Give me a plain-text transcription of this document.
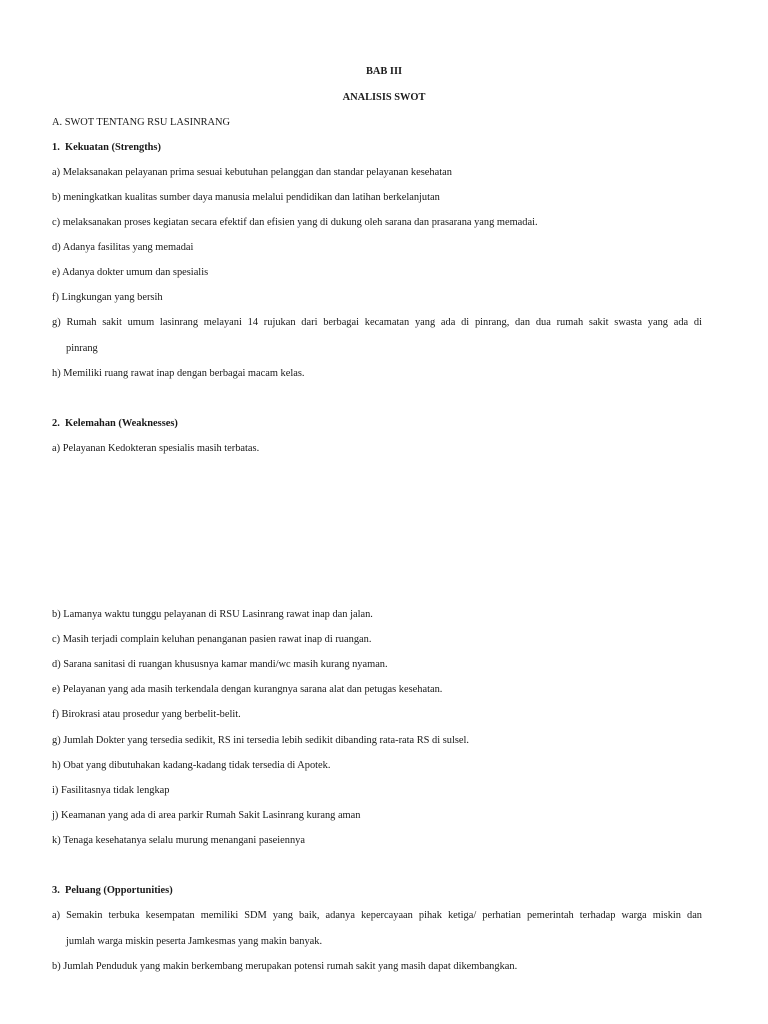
BAB III
ANALISIS SWOT
A. SWOT TENTANG RSU LASINRANG
1. Kekuatan (Strengths)
a) Melaksanakan pelayanan prima sesuai kebutuhan pelanggan dan standar pelayanan kesehatan
b) meningkatkan kualitas sumber daya manusia melalui pendidikan dan latihan berkelanjutan
c) melaksanakan proses kegiatan secara efektif dan efisien yang di dukung oleh sarana dan prasarana yang memadai.
d) Adanya fasilitas yang memadai
e) Adanya dokter umum dan spesialis
f) Lingkungan yang bersih
g) Rumah sakit umum lasinrang melayani 14 rujukan dari berbagai kecamatan yang ada di pinrang, dan dua rumah sakit swasta yang ada di
pinrang
h) Memiliki ruang rawat inap dengan berbagai macam kelas.
2. Kelemahan (Weaknesses)
a) Pelayanan Kedokteran spesialis masih terbatas.
b) Lamanya waktu tunggu pelayanan di RSU Lasinrang rawat inap dan jalan.
c) Masih terjadi complain keluhan penanganan pasien rawat inap di ruangan.
d) Sarana sanitasi di ruangan khususnya kamar mandi/wc masih kurang nyaman.
e) Pelayanan yang ada masih terkendala dengan kurangnya sarana alat dan petugas kesehatan.
f) Birokrasi atau prosedur yang berbelit-belit.
g) Jumlah Dokter yang tersedia sedikit, RS ini tersedia lebih sedikit dibanding rata-rata RS di sulsel.
h) Obat yang dibutuhakan kadang-kadang tidak tersedia di Apotek.
i) Fasilitasnya tidak lengkap
j) Keamanan yang ada di area parkir Rumah Sakit Lasinrang kurang aman
k) Tenaga kesehatanya selalu murung menangani paseiennya
3. Peluang (Opportunities)
a) Semakin terbuka kesempatan memiliki SDM yang baik, adanya kepercayaan pihak ketiga/ perhatian pemerintah terhadap warga miskin dan
jumlah warga miskin peserta Jamkesmas yang makin banyak.
b) Jumlah Penduduk yang makin berkembang merupakan potensi rumah sakit yang masih dapat dikembangkan.
